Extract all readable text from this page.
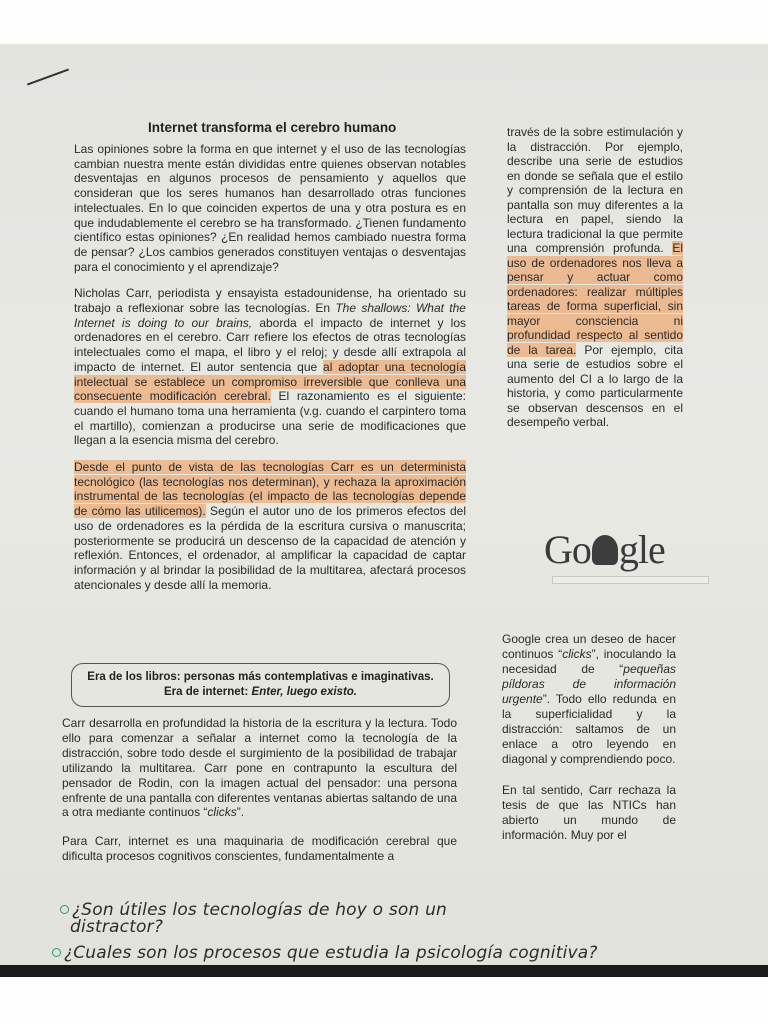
Internet transforma el cerebro humano

Las opiniones sobre la forma en que internet y el uso de las tecnologías cambian nuestra mente están divididas entre quienes observan notables desventajas en algunos procesos de pensamiento y aquellos que consideran que los seres humanos han desarrollado otras funciones intelectuales. En lo que coinciden expertos de una y otra postura es en que indudablemente el cerebro se ha transformado. ¿Tienen fundamento científico estas opiniones? ¿En realidad hemos cambiado nuestra forma de pensar? ¿Los cambios generados constituyen ventajas o desventajas para el conocimiento y el aprendizaje?

Nicholas Carr, periodista y ensayista estadounidense, ha orientado su trabajo a reflexionar sobre las tecnologías. En The shallows: What the Internet is doing to our brains, aborda el impacto de internet y los ordenadores en el cerebro. Carr refiere los efectos de otras tecnologías intelectuales como el mapa, el libro y el reloj; y desde allí extrapola al impacto de internet. El autor sentencia que al adoptar una tecnología intelectual se establece un compromiso irreversible que conlleva una consecuente modificación cerebral. El razonamiento es el siguiente: cuando el humano toma una herramienta (v.g. cuando el carpintero toma el martillo), comienzan a producirse una serie de modificaciones que llegan a la esencia misma del cerebro.

Desde el punto de vista de las tecnologías Carr es un determinista tecnológico (las tecnologías nos determinan), y rechaza la aproximación instrumental de las tecnologías (el impacto de las tecnologías depende de cómo las utilicemos). Según el autor uno de los primeros efectos del uso de ordenadores es la pérdida de la escritura cursiva o manuscrita; posteriormente se producirá un descenso de la capacidad de atención y reflexión. Entonces, el ordenador, al amplificar la capacidad de captar información y al brindar la posibilidad de la multitarea, afectará procesos atencionales y desde allí la memoria.

Era de los libros: personas más contemplativas e imaginativas.
Era de internet: Enter, luego existo.

Carr desarrolla en profundidad la historia de la escritura y la lectura. Todo ello para comenzar a señalar a internet como la tecnología de la distracción, sobre todo desde el surgimiento de la posibilidad de trabajar utilizando la multitarea. Carr pone en contrapunto la escultura del pensador de Rodin, con la imagen actual del pensador: una persona enfrente de una pantalla con diferentes ventanas abiertas saltando de una a otra mediante continuos “clicks”.

Para Carr, internet es una maquinaria de modificación cerebral que dificulta procesos cognitivos conscientes, fundamentalmente a

través de la sobre estimulación y la distracción. Por ejemplo, describe una serie de estudios en donde se señala que el estilo y comprensión de la lectura en pantalla son muy diferentes a la lectura en papel, siendo la lectura tradicional la que permite una comprensión profunda. El uso de ordenadores nos lleva a pensar y actuar como ordenadores: realizar múltiples tareas de forma superficial, sin mayor consciencia ni profundidad respecto al sentido de la tarea. Por ejemplo, cita una serie de estudios sobre el aumento del CI a lo largo de la historia, y como particularmente se observan descensos en el desempeño verbal.

Go gle

Google crea un deseo de hacer continuos “clicks”, inoculando la necesidad de “pequeñas píldoras de información urgente”. Todo ello redunda en la superficialidad y la distracción: saltamos de un enlace a otro leyendo en diagonal y comprendiendo poco.

En tal sentido, Carr rechaza la tesis de que las NTICs han abierto un mundo de información. Muy por el

¿Son útiles los tecnologías de hoy o son un
distractor?
¿Cuales son los procesos que estudia la psicología cognitiva?
